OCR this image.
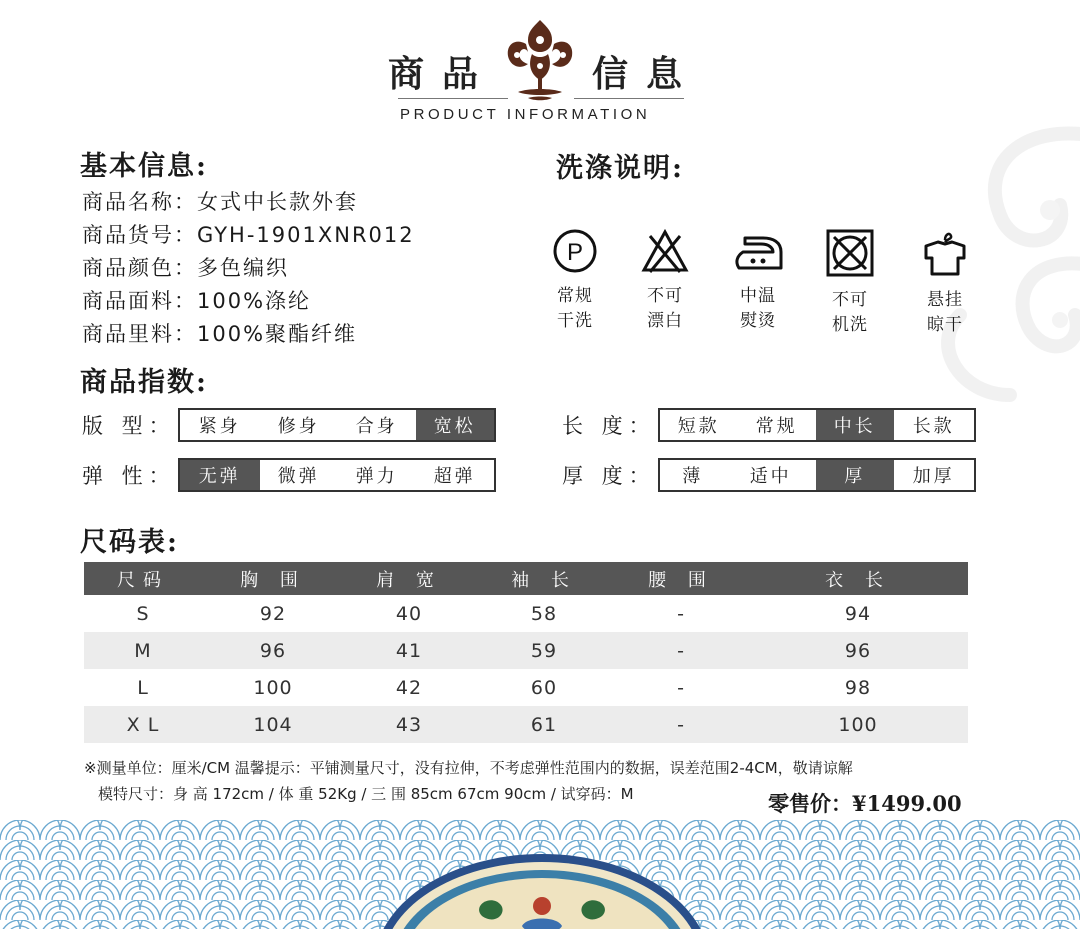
商品	信息
PRODUCT INFORMATION
基本信息:
商品名称：女式中长款外套
商品货号：GYH-1901XNR012
商品颜色：多色编织
商品面料：100%涤纶
商品里料：100%聚酯纤维
洗涤说明:
P
常规
干洗
不可
漂白
中温
熨烫
不可
机洗
悬挂
晾干
商品指数:
版 型：	紧身	修身	合身	宽松
弹 性：	无弹	微弹	弹力	超弹
长 度：	短款	常规	中长	长款
厚 度：	薄	适中	厚	加厚
尺码表:
尺码	胸 围	肩 宽	袖 长	腰 围	衣 长
S	92	40	58	-	94
M	96	41	59	-	96
L	100	42	60	-	98
X L	104	43	61	-	100
※测量单位：厘米/CM 温馨提示：平铺测量尺寸，没有拉伸，不考虑弹性范围内的数据，误差范围2-4CM，敬请谅解
模特尺寸：身 高 172cm / 体 重 52Kg / 三 围 85cm 67cm 90cm / 试穿码：M	零售价：¥1499.00
